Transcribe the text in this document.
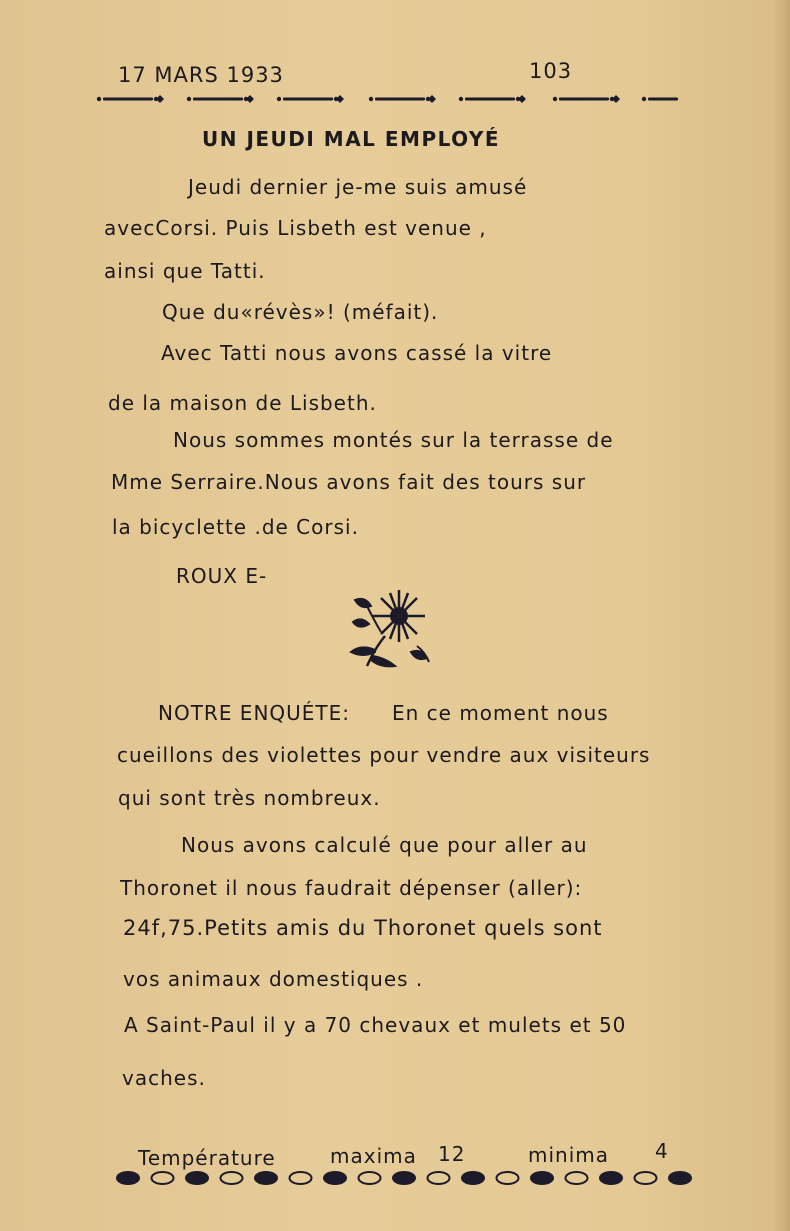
17 MARS 1933	103
UN JEUDI MAL EMPLOYÉ
Jeudi dernier je-me suis amusé
avecCorsi. Puis Lisbeth est venue ,
ainsi que Tatti.
Que du«révès»! (méfait).
Avec Tatti nous avons cassé la vitre
de la maison de Lisbeth.
Nous sommes montés sur la terrasse de
Mme Serraire.Nous avons fait des tours sur
la bicyclette .de Corsi.
ROUX E-
NOTRE ENQUÉTE: En ce moment nous
cueillons des violettes pour vendre aux visiteurs
qui sont très nombreux.
Nous avons calculé que pour aller au
Thoronet il nous faudrait dépenser (aller):
24f,75.Petits amis du Thoronet quels sont
vos animaux domestiques .
A Saint-Paul il y a 70 chevaux et mulets et 50
vaches.
Température	maxima 12	minima 4
